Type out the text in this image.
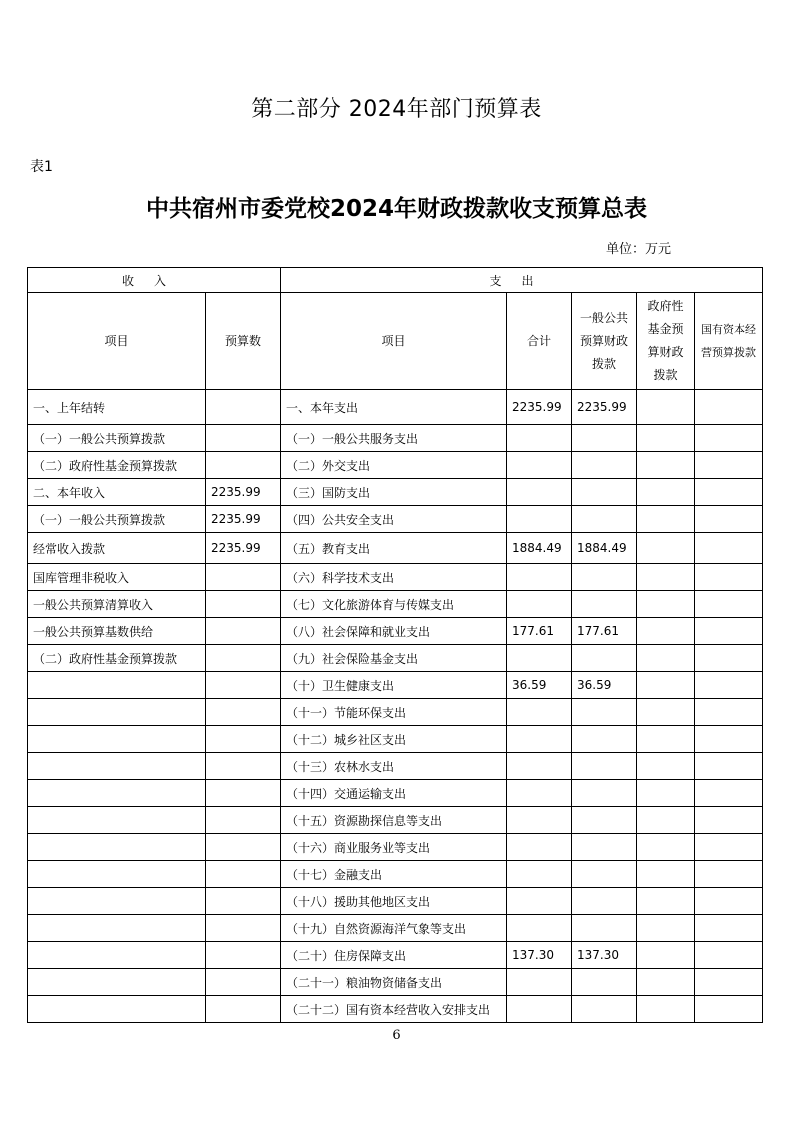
第二部分 2024年部门预算表
表1
中共宿州市委党校2024年财政拨款收支预算总表
单位：万元
收入		支出				
项目	预算数	项目	合计	一般公共预算财政拨款	政府性基金预算财政拨款	国有资本经营预算拨款
一、上年结转		一、本年支出	2235.99	2235.99		
（一）一般公共预算拨款		（一）一般公共服务支出				
（二）政府性基金预算拨款		（二）外交支出				
二、本年收入	2235.99	（三）国防支出				
（一）一般公共预算拨款	2235.99	（四）公共安全支出				
经常收入拨款	2235.99	（五）教育支出	1884.49	1884.49		
国库管理非税收入		（六）科学技术支出				
一般公共预算清算收入		（七）文化旅游体育与传媒支出				
一般公共预算基数供给		（八）社会保障和就业支出	177.61	177.61		
（二）政府性基金预算拨款		（九）社会保险基金支出				
		（十）卫生健康支出	36.59	36.59		
		（十一）节能环保支出				
		（十二）城乡社区支出				
		（十三）农林水支出				
		（十四）交通运输支出				
		（十五）资源勘探信息等支出				
		（十六）商业服务业等支出				
		（十七）金融支出				
		（十八）援助其他地区支出				
		（十九）自然资源海洋气象等支出				
		（二十）住房保障支出	137.30	137.30		
		（二十一）粮油物资储备支出				
		（二十二）国有资本经营收入安排支出				
6
